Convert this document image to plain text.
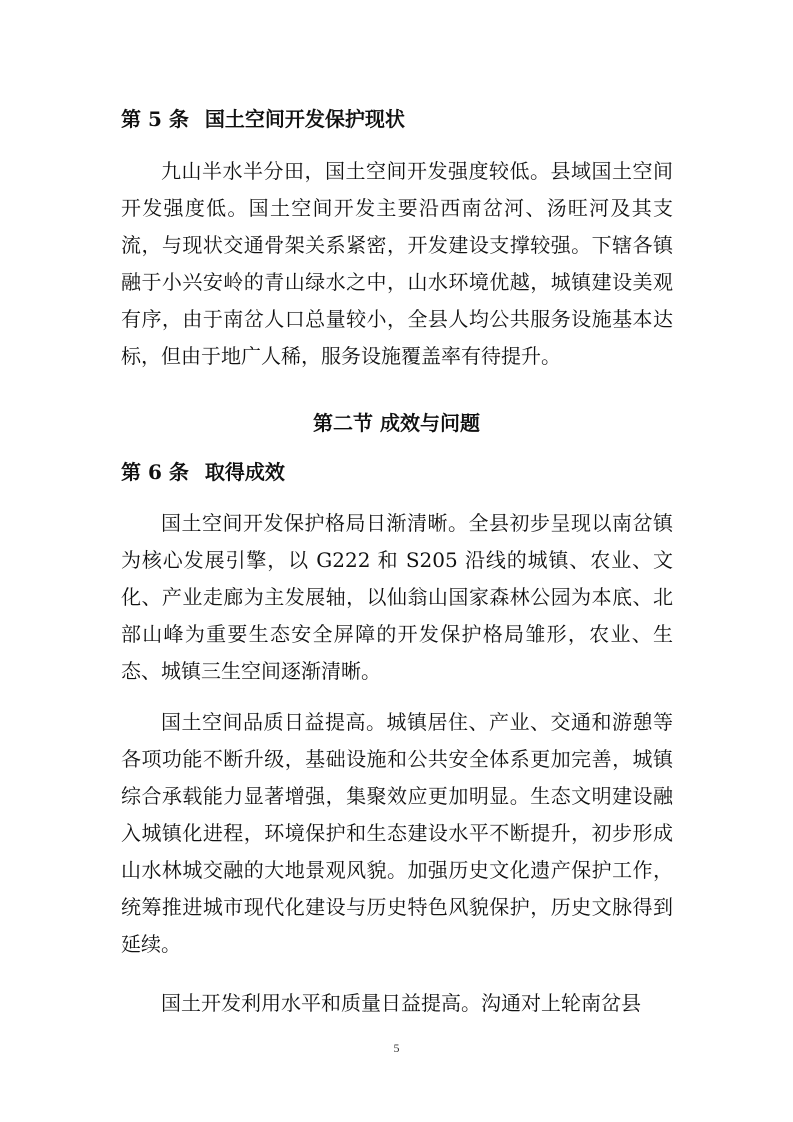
第 5 条 国土空间开发保护现状

九山半水半分田，国土空间开发强度较低。县域国土空间开发强度低。国土空间开发主要沿西南岔河、汤旺河及其支流，与现状交通骨架关系紧密，开发建设支撑较强。下辖各镇融于小兴安岭的青山绿水之中，山水环境优越，城镇建设美观有序，由于南岔人口总量较小，全县人均公共服务设施基本达标，但由于地广人稀，服务设施覆盖率有待提升。

第二节 成效与问题
第 6 条 取得成效

国土空间开发保护格局日渐清晰。全县初步呈现以南岔镇为核心发展引擎，以 G222 和 S205 沿线的城镇、农业、文化、产业走廊为主发展轴，以仙翁山国家森林公园为本底、北部山峰为重要生态安全屏障的开发保护格局雏形，农业、生态、城镇三生空间逐渐清晰。

国土空间品质日益提高。城镇居住、产业、交通和游憩等各项功能不断升级，基础设施和公共安全体系更加完善，城镇综合承载能力显著增强，集聚效应更加明显。生态文明建设融入城镇化进程，环境保护和生态建设水平不断提升，初步形成山水林城交融的大地景观风貌。加强历史文化遗产保护工作，统筹推进城市现代化建设与历史特色风貌保护，历史文脉得到延续。

国土开发利用水平和质量日益提高。沟通对上轮南岔县

5
